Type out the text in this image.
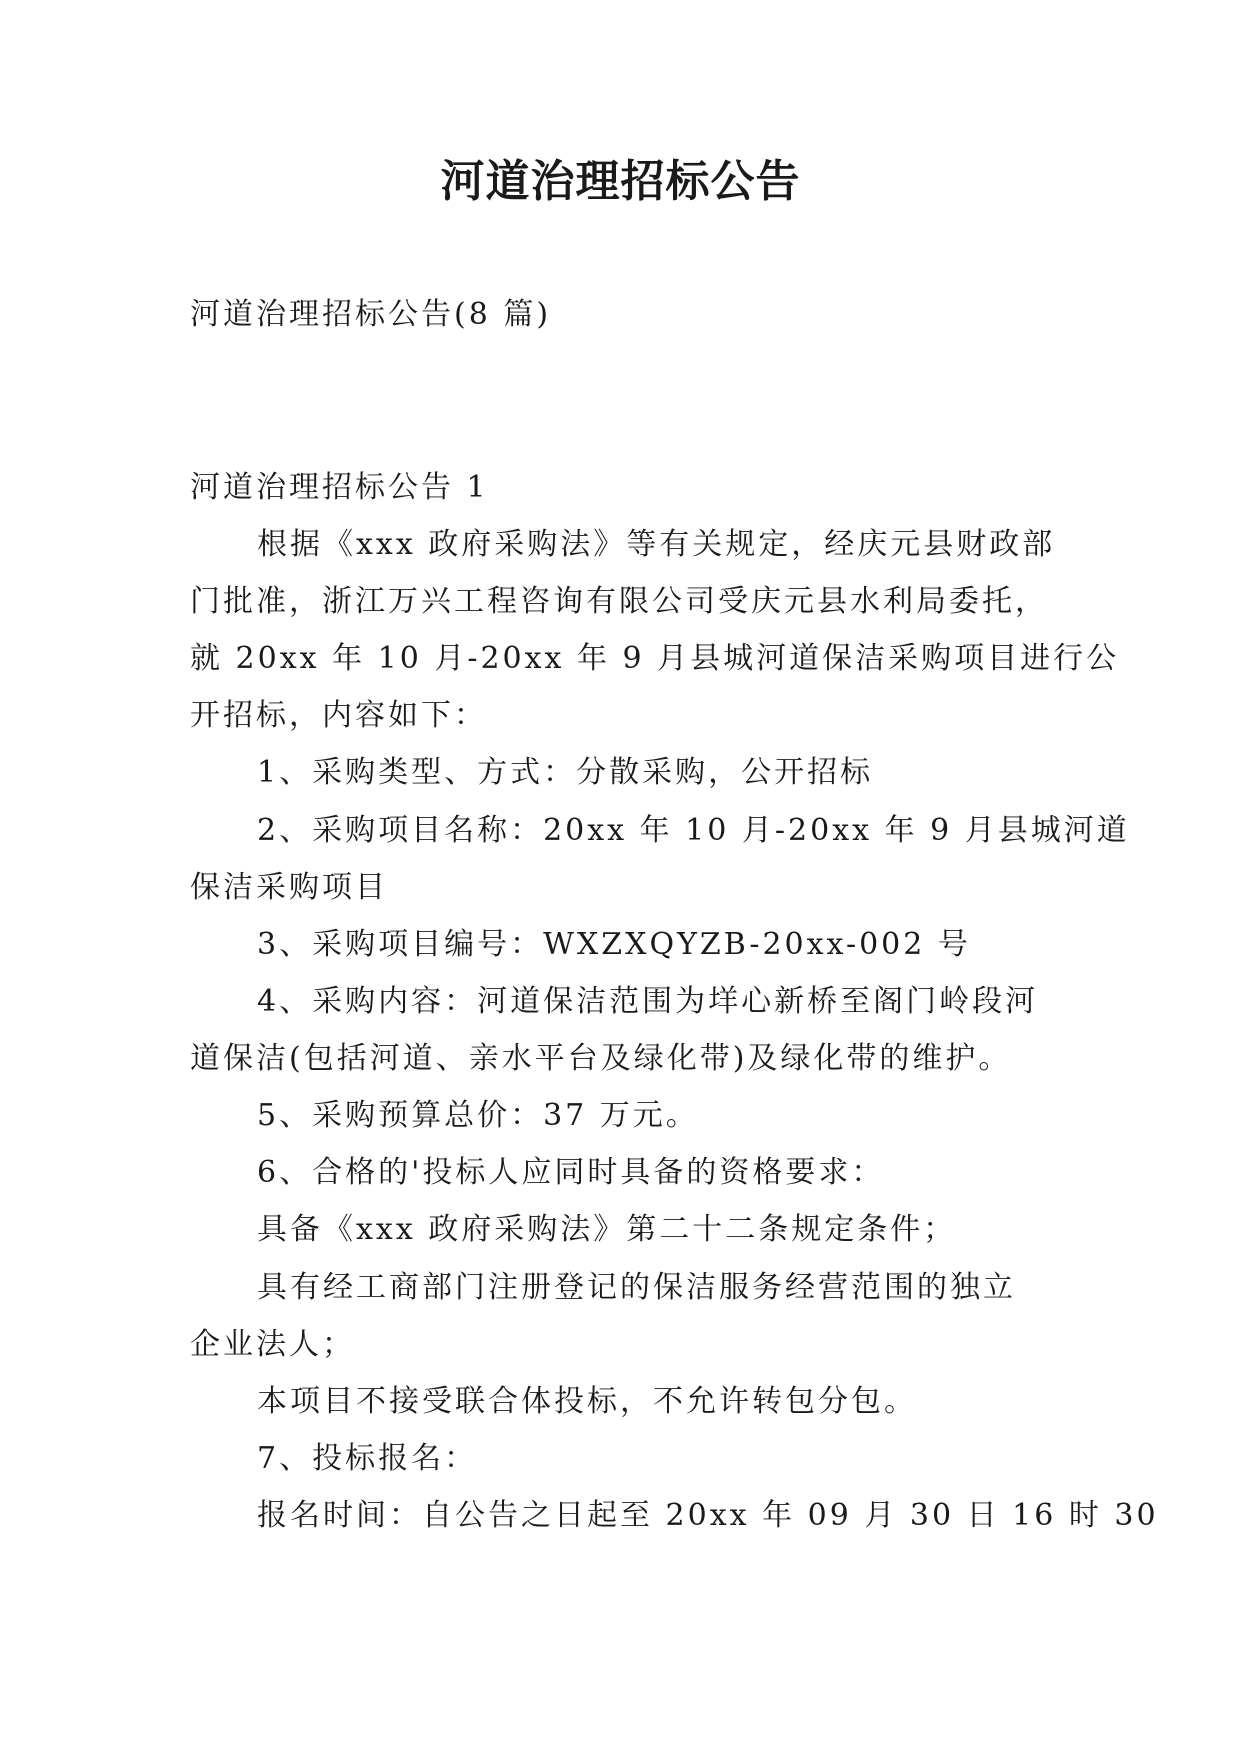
河道治理招标公告

河道治理招标公告(8 篇)

河道治理招标公告 1

根据《xxx 政府采购法》等有关规定，经庆元县财政部

门批准，浙江万兴工程咨询有限公司受庆元县水利局委托，

就 20xx 年 10 月-20xx 年 9 月县城河道保洁采购项目进行公

开招标，内容如下：

1、采购类型、方式：分散采购，公开招标

2、采购项目名称：20xx 年 10 月-20xx 年 9 月县城河道

保洁采购项目

3、采购项目编号：WXZXQYZB-20xx-002 号

4、采购内容：河道保洁范围为垟心新桥至阁门岭段河

道保洁(包括河道、亲水平台及绿化带)及绿化带的维护。

5、采购预算总价：37 万元。

6、合格的'投标人应同时具备的资格要求：

具备《xxx 政府采购法》第二十二条规定条件；

具有经工商部门注册登记的保洁服务经营范围的独立

企业法人；

本项目不接受联合体投标，不允许转包分包。

7、投标报名：

报名时间：自公告之日起至 20xx 年 09 月 30 日 16 时 30
